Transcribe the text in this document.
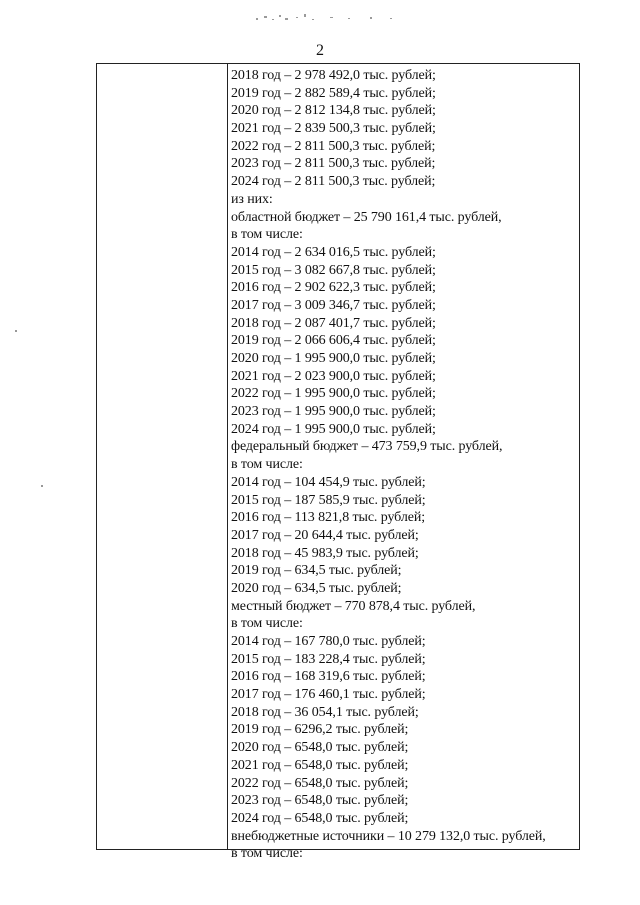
2
2018 год – 2 978 492,0 тыс. рублей;
2019 год – 2 882 589,4 тыс. рублей;
2020 год – 2 812 134,8 тыс. рублей;
2021 год – 2 839 500,3 тыс. рублей;
2022 год – 2 811 500,3 тыс. рублей;
2023 год – 2 811 500,3 тыс. рублей;
2024 год – 2 811 500,3 тыс. рублей;
из них:
областной бюджет – 25 790 161,4 тыс. рублей,
в том числе:
2014 год – 2 634 016,5 тыс. рублей;
2015 год – 3 082 667,8 тыс. рублей;
2016 год – 2 902 622,3 тыс. рублей;
2017 год – 3 009 346,7 тыс. рублей;
2018 год – 2 087 401,7 тыс. рублей;
2019 год – 2 066 606,4 тыс. рублей;
2020 год – 1 995 900,0 тыс. рублей;
2021 год – 2 023 900,0 тыс. рублей;
2022 год – 1 995 900,0 тыс. рублей;
2023 год – 1 995 900,0 тыс. рублей;
2024 год – 1 995 900,0 тыс. рублей;
федеральный бюджет – 473 759,9 тыс. рублей,
в том числе:
2014 год – 104 454,9 тыс. рублей;
2015 год – 187 585,9 тыс. рублей;
2016 год – 113 821,8 тыс. рублей;
2017 год – 20 644,4 тыс. рублей;
2018 год – 45 983,9 тыс. рублей;
2019 год – 634,5 тыс. рублей;
2020 год – 634,5 тыс. рублей;
местный бюджет – 770 878,4 тыс. рублей,
в том числе:
2014 год – 167 780,0 тыс. рублей;
2015 год – 183 228,4 тыс. рублей;
2016 год – 168 319,6 тыс. рублей;
2017 год – 176 460,1 тыс. рублей;
2018 год – 36 054,1 тыс. рублей;
2019 год – 6296,2 тыс. рублей;
2020 год – 6548,0 тыс. рублей;
2021 год – 6548,0 тыс. рублей;
2022 год – 6548,0 тыс. рублей;
2023 год – 6548,0 тыс. рублей;
2024 год – 6548,0 тыс. рублей;
внебюджетные источники – 10 279 132,0 тыс. рублей,
в том числе:
